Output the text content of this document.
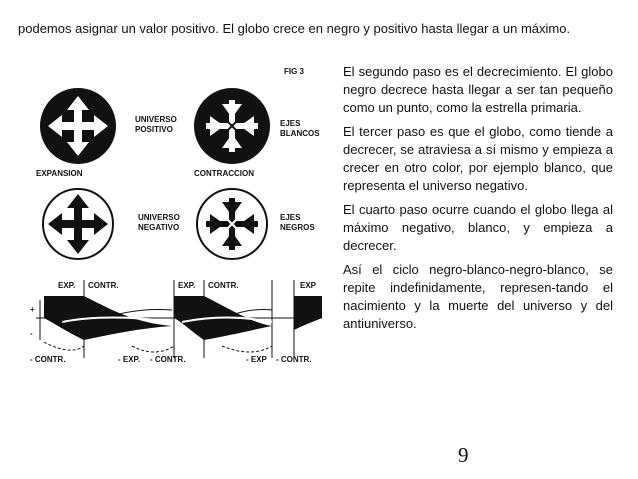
podemos asignar un valor positivo. El globo crece en negro y positivo hasta llegar a un máximo.
FIG 3
UNIVERSO
POSITIVO
EXPANSION
EJES
BLANCOS
CONTRACCION
UNIVERSO
NEGATIVO
EJES
NEGROS
EXP. CONTR.	EXP. CONTR.	EXP
+
-
- CONTR.	- EXP. - CONTR.	- EXP - CONTR.

El segundo paso es el decrecimiento. El globo negro decrece hasta llegar a ser tan pequeño como un punto, como la estrella primaria.

El tercer paso es que el globo, como tiende a decrecer, se atraviesa a sí mismo y empieza a crecer en otro color, por ejemplo blanco, que representa el universo negativo.

El cuarto paso ocurre cuando el globo llega al máximo negativo, blanco, y empieza a decrecer.

Así el ciclo negro-blanco-negro-blanco, se repite indefinidamente, represen-tando el nacimiento y la muerte del universo y del antiuniverso.

9
